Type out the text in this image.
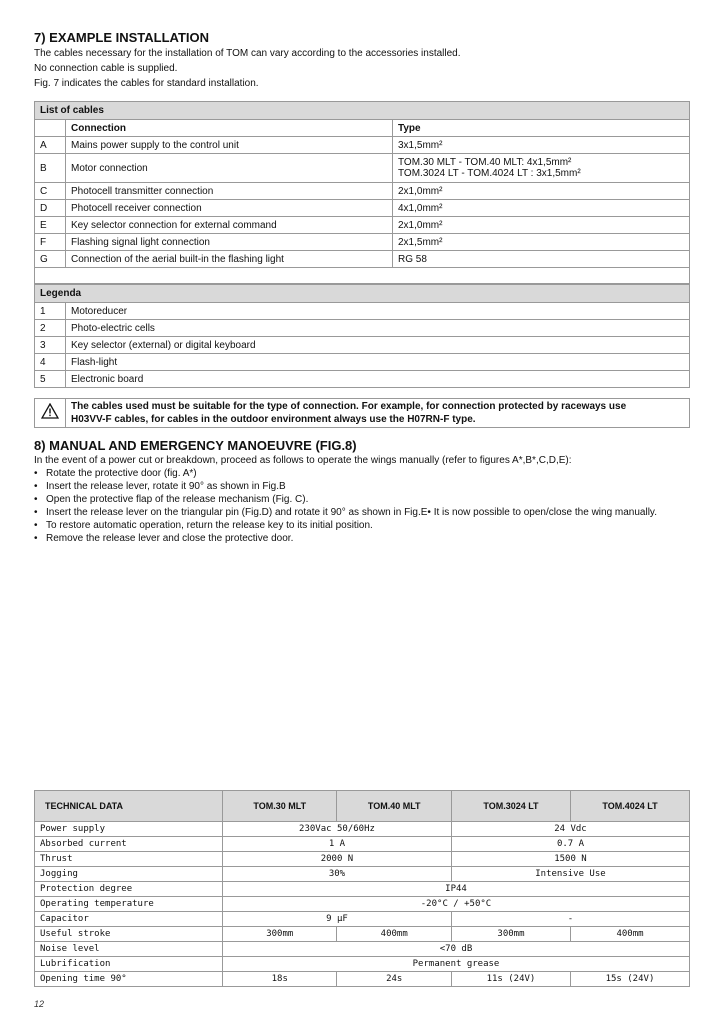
7) EXAMPLE INSTALLATION

The cables necessary for the installation of TOM can vary according to the accessories installed.

No connection cable is supplied.

Fig. 7 indicates the cables for standard installation.

List of cables		
	Connection	Type
A	Mains power supply to the control unit	3x1,5mm²
B	Motor connection	TOM.30 MLT - TOM.40 MLT: 4x1,5mm²
TOM.3024 LT - TOM.4024 LT : 3x1,5mm²

C	Photocell transmitter connection	2x1,0mm²
D	Photocell receiver connection	4x1,0mm²
E	Key selector connection for external command	2x1,0mm²
F	Flashing signal light connection	2x1,5mm²
G	Connection of the aerial built-in the flashing light	RG 58

Legenda	
1	Motoreducer
2	Photo-electric cells
3	Key selector (external) or digital keyboard
4	Flash-light
5	Electronic board

The cables used must be suitable for the type of connection. For example, for connection protected by raceways use
H03VV-F cables, for cables in the outdoor environment always use the H07RN-F type.
8) MANUAL AND EMERGENCY MANOEUVRE (FIG.8)

In the event of a power cut or breakdown, proceed as follows to operate the wings manually (refer to figures A*,B*,C,D,E):

• Rotate the protective door (fig. A*)
• Insert the release lever, rotate it 90° as shown in Fig.B
• Open the protective flap of the release mechanism (Fig. C).
• Insert the release lever on the triangular pin (Fig.D) and rotate it 90° as shown in Fig.E• It is now possible to open/close the wing manually.
• To restore automatic operation, return the release key to its initial position.
• Remove the release lever and close the protective door.
TECHNICAL DATA	TOM.30 MLT	TOM.40 MLT	TOM.3024 LT	TOM.4024 LT
Power supply	230Vac 50/60Hz		24 Vdc	
Absorbed current	1 A		0.7 A	
Thrust	2000 N		1500 N	
Jogging	30%		Intensive Use	
Protection degree	IP44			
Operating temperature	-20°C / +50°C			
Capacitor	9 µF		-	
Useful stroke	300mm	400mm	300mm	400mm
Noise level	<70 dB			
Lubrification	Permanent grease			
Opening time 90°	18s	24s	11s (24V)	15s (24V)
12
